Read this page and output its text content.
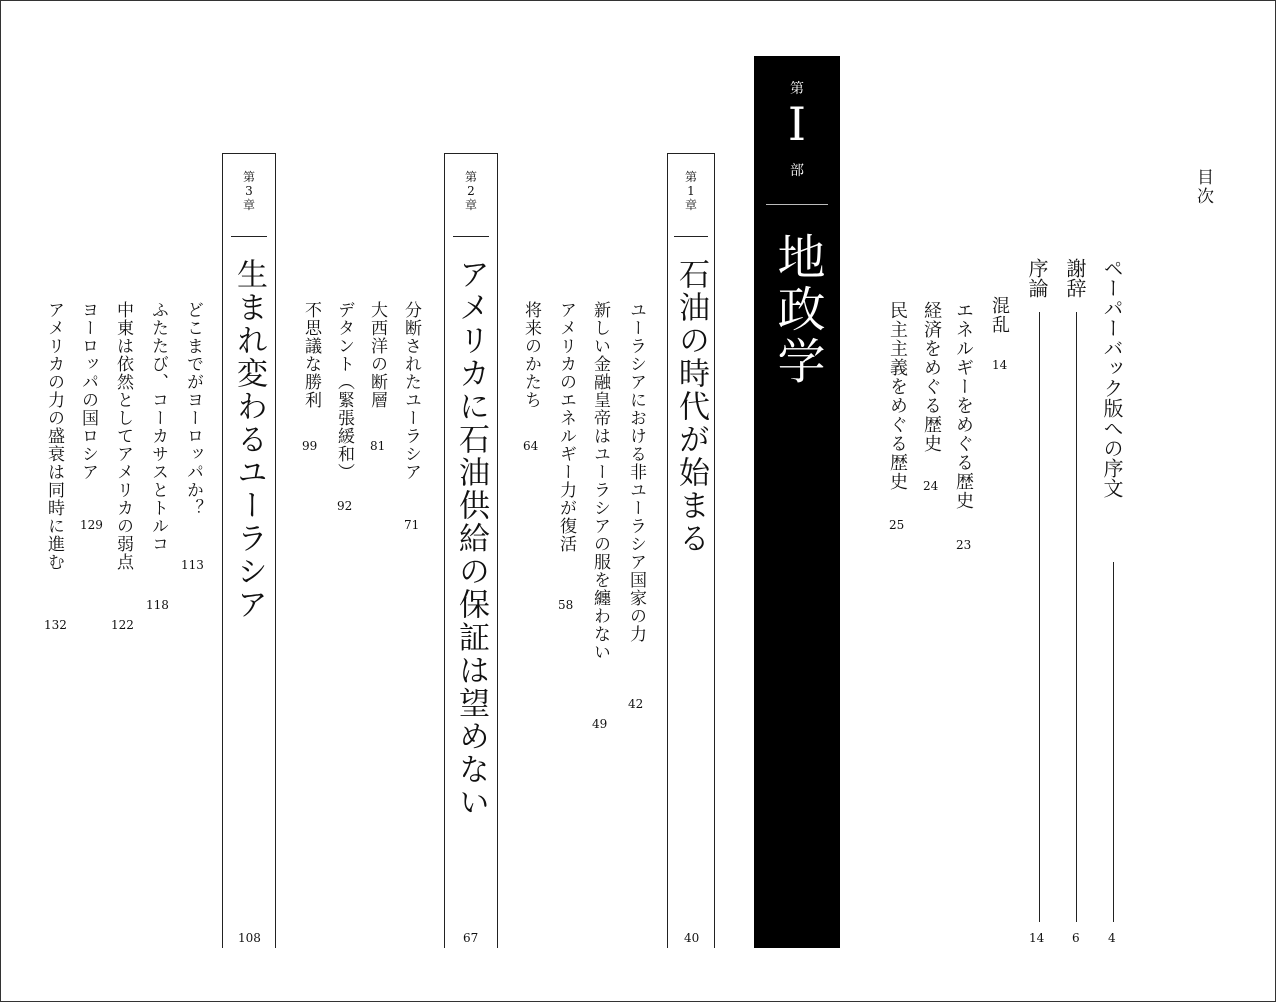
目次
ペーパーバック版への序文
4
謝辞
6
序論
14
混乱
14
エネルギーをめぐる歴史
23
経済をめぐる歴史
24
民主主義をめぐる歴史
25
第
I
部
地政学
第
1
章
石油の時代が始まる
40
ユーラシアにおける非ユーラシア国家の力
42
新しい金融皇帝はユーラシアの服を纏わない
49
アメリカのエネルギー力が復活
58
将来のかたち
64
第
2
章
アメリカに石油供給の保証は望めない
67
分断されたユーラシア
71
大西洋の断層
81
デタント（緊張緩和）
92
不思議な勝利
99
第
3
章
生まれ変わるユーラシア
108
どこまでがヨーロッパか？
113
ふたたび、コーカサスとトルコ
118
中東は依然としてアメリカの弱点
122
ヨーロッパの国ロシア
129
アメリカの力の盛衰は同時に進む
132
